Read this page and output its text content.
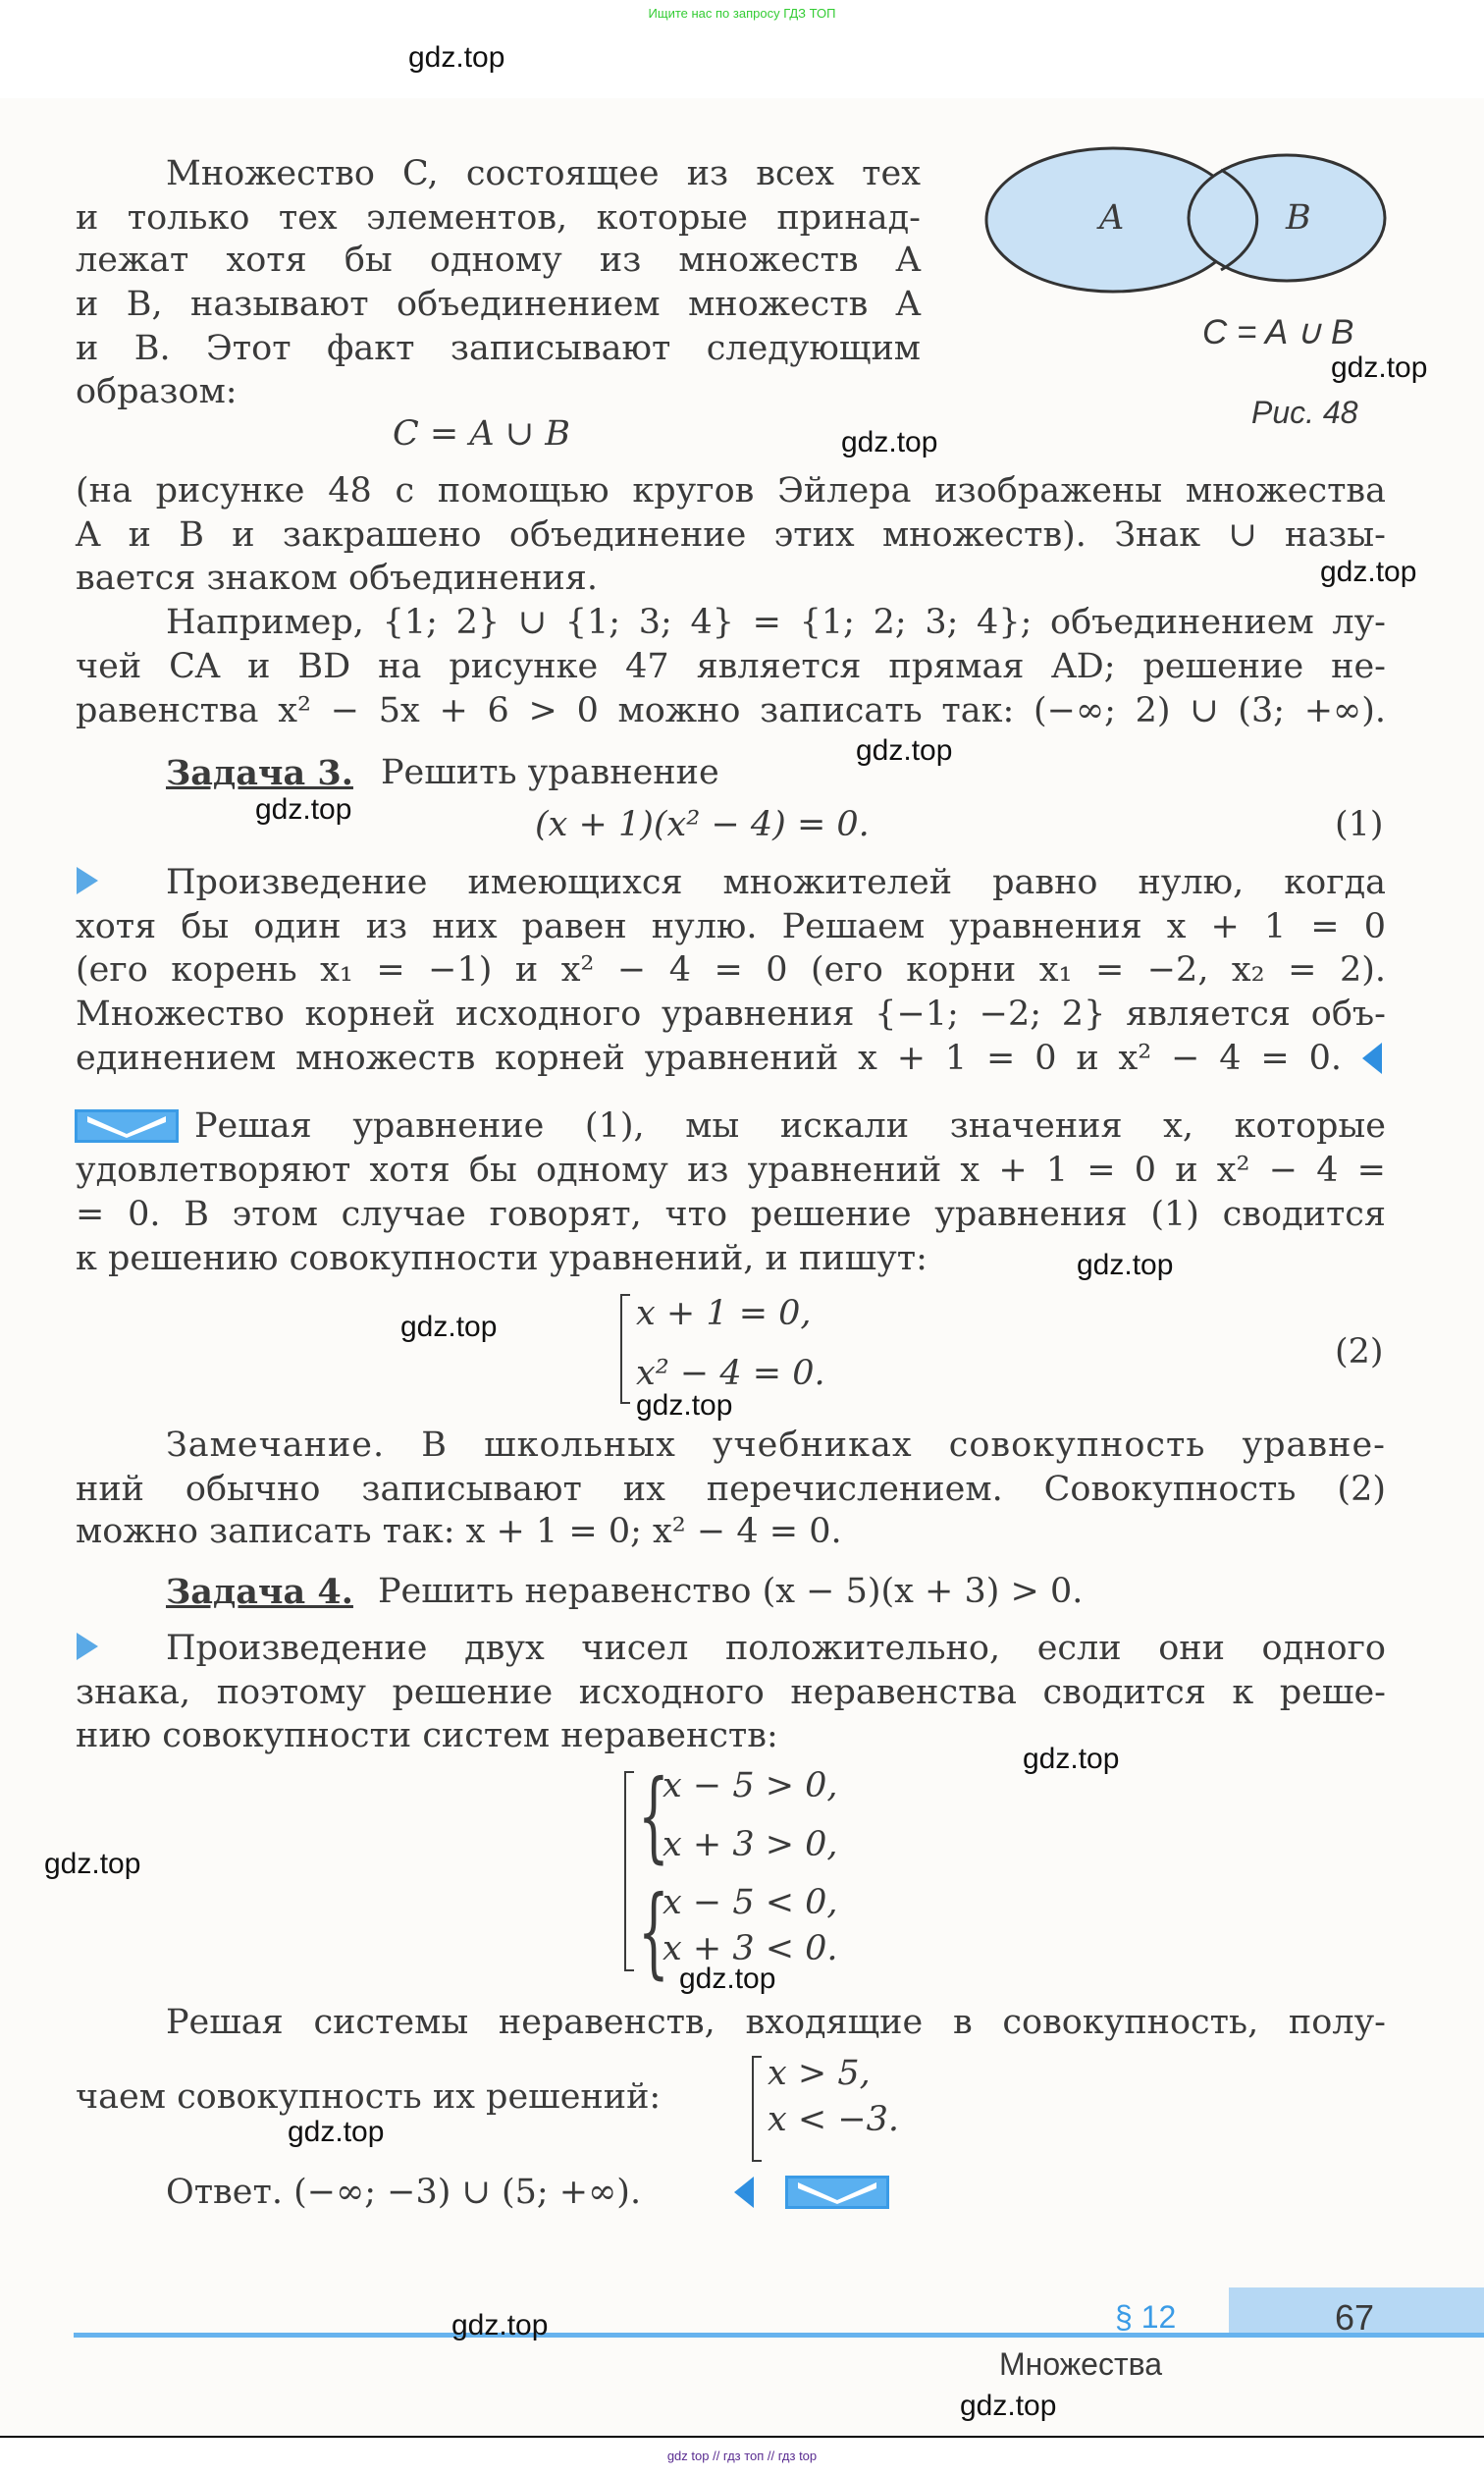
Ищите нас по запросу ГДЗ ТОП
A	B
C = A ∪ B
Рис. 48
Множество C, состоящее из всех тех
и только тех элементов, которые принад-
лежат хотя бы одному из множеств A
и B, называют объединением множеств A
и B. Этот факт записывают следующим
образом:
C = A ∪ B
(на рисунке 48 с помощью кругов Эйлера изображены множества
A и B и закрашено объединение этих множеств). Знак ∪ назы-
вается знаком объединения.
Например, {1; 2} ∪ {1; 3; 4} = {1; 2; 3; 4}; объединением лу-
чей CA и BD на рисунке 47 является прямая AD; решение не-
равенства x² − 5x + 6 > 0 можно записать так: (−∞; 2) ∪ (3; +∞).
Задача 3. Решить уравнение
(x + 1)(x² − 4) = 0.	(1)
Произведение имеющихся множителей равно нулю, когда
хотя бы один из них равен нулю. Решаем уравнения x + 1 = 0
(его корень x₁ = −1) и x² − 4 = 0 (его корни x₁ = −2, x₂ = 2).
Множество корней исходного уравнения {−1; −2; 2} является объ-
единением множеств корней уравнений x + 1 = 0 и x² − 4 = 0.
Решая уравнение (1), мы искали значения x, которые
удовлетворяют хотя бы одному из уравнений x + 1 = 0 и x² − 4 =
= 0. В этом случае говорят, что решение уравнения (1) сводится
к решению совокупности уравнений, и пишут:
x + 1 = 0,
x² − 4 = 0.
(2)
Замечание. В школьных учебниках совокупность уравне-
ний обычно записывают их перечислением. Совокупность (2)
можно записать так: x + 1 = 0; x² − 4 = 0.
Задача 4. Решить неравенство (x − 5)(x + 3) > 0.
Произведение двух чисел положительно, если они одного
знака, поэтому решение исходного неравенства сводится к реше-
нию совокупности систем неравенств:
{
{
x − 5 > 0,
x + 3 > 0,
x − 5 < 0,
x + 3 < 0.
Решая системы неравенств, входящие в совокупность, полу-
чаем совокупность их решений:
x > 5,
x < −3.
Ответ. (−∞; −3) ∪ (5; +∞).
§ 12	67
Множества
gdz.top
gdz.top
gdz.top
gdz.top
gdz.top
gdz.top
gdz.top
gdz.top
gdz.top
gdz.top
gdz.top
gdz.top
gdz.top
gdz.top
gdz.top
gdz top // гдз топ // гдз top
